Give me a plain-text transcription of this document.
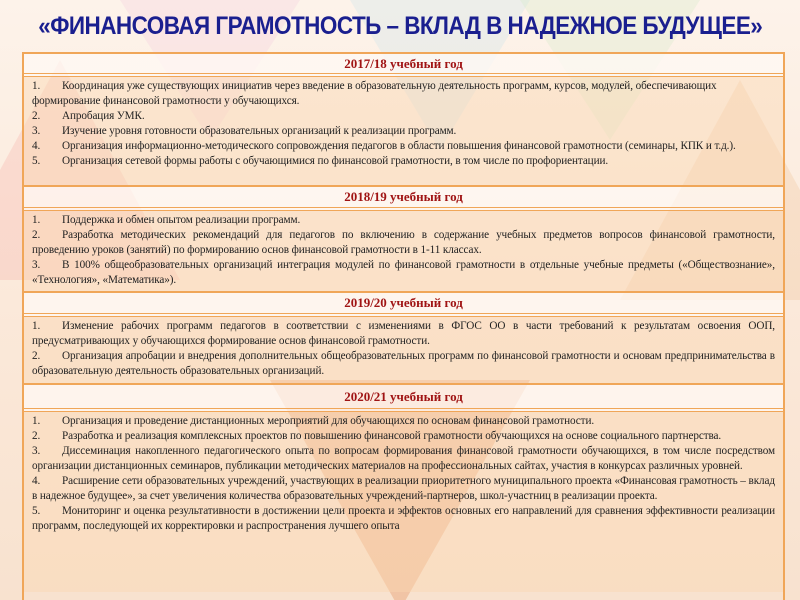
«ФИНАНСОВАЯ ГРАМОТНОСТЬ – ВКЛАД В НАДЕЖНОЕ БУДУЩЕЕ»
2017/18 учебный год

1. Координация уже существующих инициатив через введение в образовательную деятельность программ, курсов, модулей, обеспечивающих формирование финансовой грамотности у обучающихся.

2. Апробация УМК.

3. Изучение уровня готовности образовательных организаций к реализации программ.

4. Организация информационно-методического сопровождения педагогов в области повышения финансовой грамотности (семинары, КПК и т.д.).

5. Организация сетевой формы работы с обучающимися по финансовой грамотности, в том числе по профориентации.

2018/19 учебный год

1. Поддержка и обмен опытом реализации программ.

2. Разработка методических рекомендаций для педагогов по включению в содержание учебных предметов вопросов финансовой грамотности, проведению уроков (занятий) по формированию основ финансовой грамотности в 1-11 классах.

3. В 100% общеобразовательных организаций интеграция модулей по финансовой грамотности в отдельные учебные предметы («Обществознание», «Технология», «Математика»).

2019/20 учебный год

1. Изменение рабочих программ педагогов в соответствии с изменениями в ФГОС ОО в части требований к результатам освоения ООП, предусматривающих у обучающихся формирование основ финансовой грамотности.

2. Организация апробации и внедрения дополнительных общеобразовательных программ по финансовой грамотности и основам предпринимательства в образовательную деятельность образовательных организаций.

2020/21 учебный год

1. Организация и проведение дистанционных мероприятий для обучающихся по основам финансовой грамотности.

2. Разработка и реализация комплексных проектов по повышению финансовой грамотности обучающихся на основе социального партнерства.

3. Диссеминация накопленного педагогического опыта по вопросам формирования финансовой грамотности обучающихся, в том числе посредством организации дистанционных семинаров, публикации методических материалов на профессиональных сайтах, участия в конкурсах различных уровней.

4. Расширение сети образовательных учреждений, участвующих в реализации приоритетного муниципального проекта «Финансовая грамотность – вклад в надежное будущее», за счет увеличения количества образовательных учреждений-партнеров, школ-участниц в реализации проекта.

5. Мониторинг и оценка результативности в достижении цели проекта и эффектов основных его направлений для сравнения эффективности реализации программ, последующей их корректировки и распространения лучшего опыта
